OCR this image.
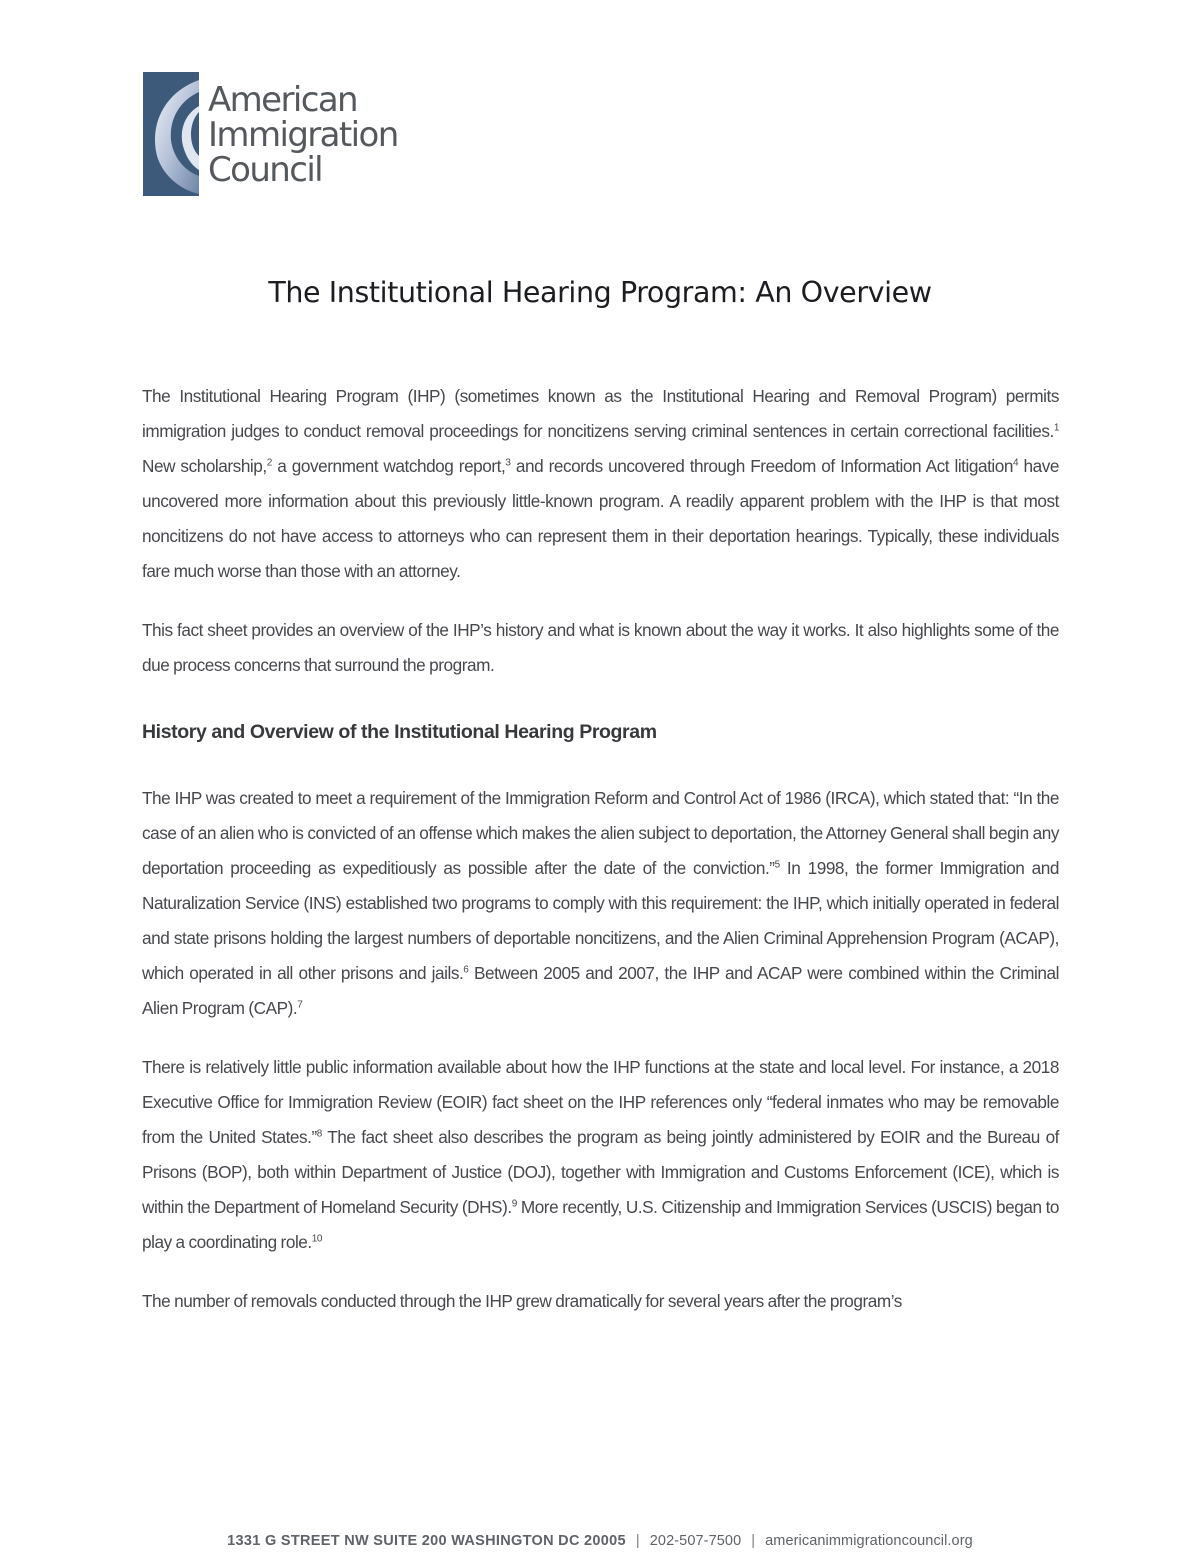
American
Immigration
Council
The Institutional Hearing Program: An Overview

The Institutional Hearing Program (IHP) (sometimes known as the Institutional Hearing and Removal Program) permits immigration judges to conduct removal proceedings for noncitizens serving criminal sentences in certain correctional facilities.$^1$ New scholarship,$^2$ a government watchdog report,$^3$ and records uncovered through Freedom of Information Act litigation$^4$ have uncovered more information about this previously little-known program. A readily apparent problem with the IHP is that most noncitizens do not have access to attorneys who can represent them in their deportation hearings. Typically, these individuals fare much worse than those with an attorney.

This fact sheet provides an overview of the IHP’s history and what is known about the way it works. It also highlights some of the due process concerns that surround the program.

History and Overview of the Institutional Hearing Program

The IHP was created to meet a requirement of the Immigration Reform and Control Act of 1986 (IRCA), which stated that: “In the case of an alien who is convicted of an offense which makes the alien subject to deportation, the Attorney General shall begin any deportation proceeding as expeditiously as possible after the date of the conviction.”$^5$ In 1998, the former Immigration and Naturalization Service (INS) established two programs to comply with this requirement: the IHP, which initially operated in federal and state prisons holding the largest numbers of deportable noncitizens, and the Alien Criminal Apprehension Program (ACAP), which operated in all other prisons and jails.$^6$ Between 2005 and 2007, the IHP and ACAP were combined within the Criminal Alien Program (CAP).$^7$

There is relatively little public information available about how the IHP functions at the state and local level. For instance, a 2018 Executive Office for Immigration Review (EOIR) fact sheet on the IHP references only “federal inmates who may be removable from the United States.”$^8$ The fact sheet also describes the program as being jointly administered by EOIR and the Bureau of Prisons (BOP), both within Department of Justice (DOJ), together with Immigration and Customs Enforcement (ICE), which is within the Department of Homeland Security (DHS).$^9$ More recently, U.S. Citizenship and Immigration Services (USCIS) began to play a coordinating role.$^{10}$

The number of removals conducted through the IHP grew dramatically for several years after the program’s

1331 G STREET NW SUITE 200 WASHINGTON DC 20005 | 202-507-7500 | americanimmigrationcouncil.org
